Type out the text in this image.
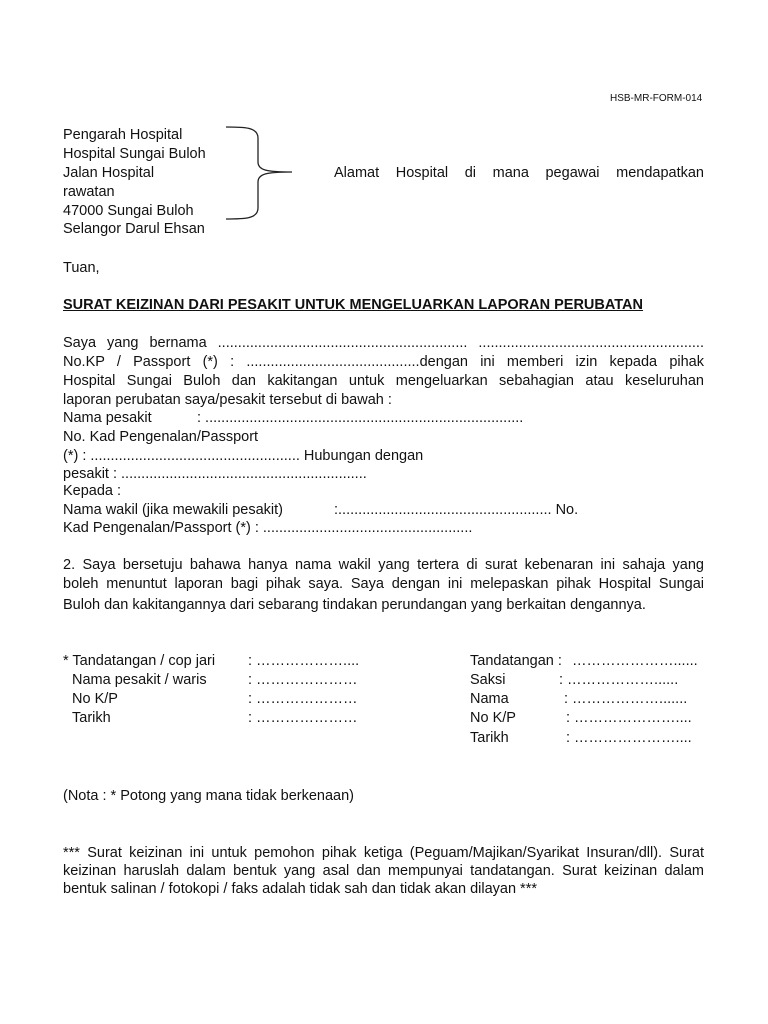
HSB-MR-FORM-014
Pengarah Hospital
Hospital Sungai Buloh
Jalan Hospital
rawatan
47000 Sungai Buloh
Selangor Darul Ehsan
Alamat Hospital di mana pegawai mendapatkan
Tuan,
SURAT KEIZINAN DARI PESAKIT UNTUK MENGELUARKAN LAPORAN PERUBATAN
Saya yang bernama .............................................................. ........................................................
No.KP / Passport (*) : ...........................................dengan ini memberi izin kepada pihak
Hospital Sungai Buloh dan kakitangan untuk mengeluarkan sebahagian atau keseluruhan
laporan perubatan saya/pesakit tersebut di bawah :
Nama pesakit	: ...............................................................................
No. Kad Pengenalan/Passport
(*) : .................................................... Hubungan dengan
pesakit : .............................................................
Kepada :
Nama wakil (jika mewakili pesakit)	:..................................................... No.
Kad Pengenalan/Passport (*) : ....................................................
2. Saya bersetuju bahawa hanya nama wakil yang tertera di surat kebenaran ini sahaja yang
boleh menuntut laporan bagi pihak saya. Saya dengan ini melepaskan pihak Hospital Sungai
Buloh dan kakitangannya dari sebarang tindakan perundangan yang berkaitan dengannya.
* Tandatangan / cop jari : ………………....
Nama pesakit / waris	: …………………
No K/P	: …………………
Tarikh	: …………………
Tandatangan : …………………......
Saksi	: ………………......
Nama	: ……………….......
No K/P	: …………………....
Tarikh	: …………………....
(Nota : * Potong yang mana tidak berkenaan)
*** Surat keizinan ini untuk pemohon pihak ketiga (Peguam/Majikan/Syarikat Insuran/dll). Surat
keizinan haruslah dalam bentuk yang asal dan mempunyai tandatangan. Surat keizinan dalam
bentuk salinan / fotokopi / faks adalah tidak sah dan tidak akan dilayan ***
